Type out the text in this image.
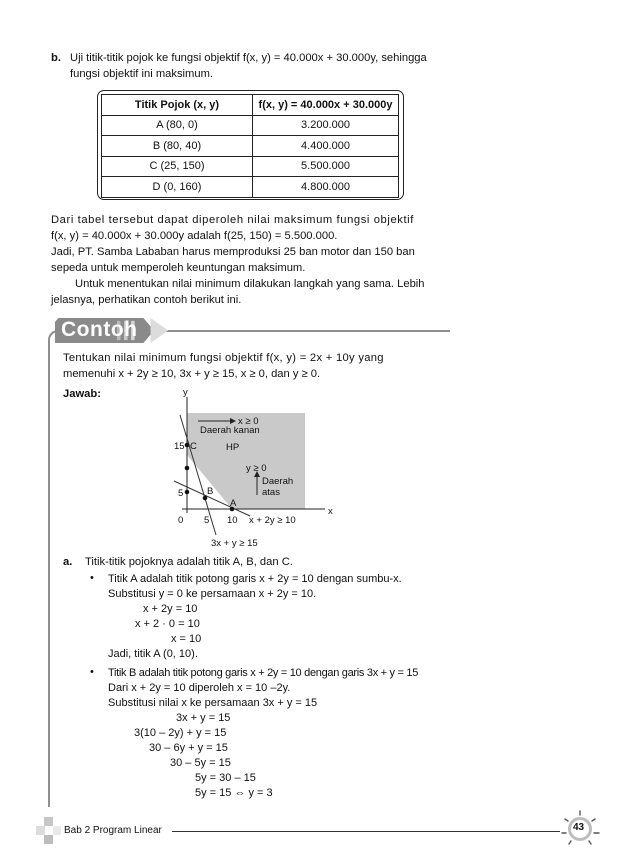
b. Uji titik-titik pojok ke fungsi objektif f(x, y) = 40.000x + 30.000y, sehingga
fungsi objektif ini maksimum.
Titik Pojok (x, y)	f(x, y) = 40.000x + 30.000y
A (80, 0)	3.200.000
B (80, 40)	4.400.000
C (25, 150)	5.500.000
D (0, 160)	4.800.000
Dari tabel tersebut dapat diperoleh nilai maksimum fungsi objektif
f(x, y) = 40.000x + 30.000y adalah f(25, 150) = 5.500.000.
Jadi, PT. Samba Lababan harus memproduksi 25 ban motor dan 150 ban
sepeda untuk memperoleh keuntungan maksimum.
Untuk menentukan nilai minimum dilakukan langkah yang sama. Lebih
jelasnya, perhatikan contoh berikut ini.
Contoh
Tentukan nilai minimum fungsi objektif f(x, y) = 2x + 10y yang
memenuhi x + 2y ≥ 10, 3x + y ≥ 15, x ≥ 0, dan y ≥ 0.
Jawab:	y
x
x ≥ 0
Daerah kanan
HP
y ≥ 0
Daerah
atas
15 C
5 B
A
0 5 10 x + 2y ≥ 10
3x + y ≥ 15
a. Titik-titik pojoknya adalah titik A, B, dan C.
• Titik A adalah titik potong garis x + 2y = 10 dengan sumbu-x.
Substitusi y = 0 ke persamaan x + 2y = 10.
x + 2y = 10
x + 2 · 0 = 10
x = 10
Jadi, titik A (0, 10).
• Titik B adalah titik potong garis x + 2y = 10 dengan garis 3x + y = 15
Dari x + 2y = 10 diperoleh x = 10 –2y.
Substitusi nilai x ke persamaan 3x + y = 15
3x + y = 15
3(10 – 2y) + y = 15
30 – 6y + y = 15
30 – 5y = 15
5y = 30 – 15
5y = 15 ⇔ y = 3
Bab 2 Program Linear	43
